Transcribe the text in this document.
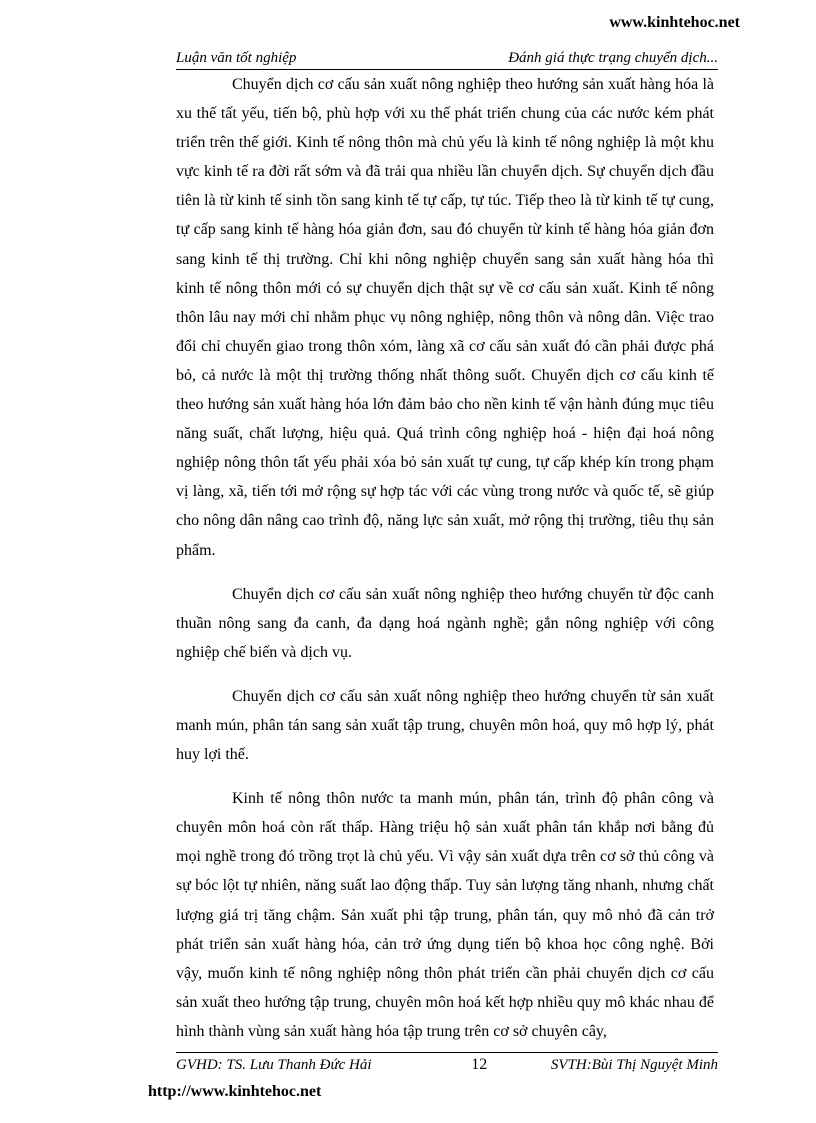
www.kinhtehoc.net
Luận văn tốt nghiệp	Đánh giá thực trạng chuyển dịch...

Chuyển dịch cơ cấu sản xuất nông nghiệp theo hướng sản xuất hàng hóa là xu thế tất yếu, tiến bộ, phù hợp với xu thế phát triển chung của các nước kém phát triển trên thế giới. Kinh tế nông thôn mà chủ yếu là kinh tế nông nghiệp là một khu vực kinh tế ra đời rất sớm và đã trải qua nhiều lần chuyển dịch. Sự chuyển dịch đầu tiên là từ kinh tế sinh tồn sang kinh tế tự cấp, tự túc. Tiếp theo là từ kinh tế tự cung, tự cấp sang kinh tế hàng hóa giản đơn, sau đó chuyển từ kinh tế hàng hóa giản đơn sang kinh tế thị trường. Chỉ khi nông nghiệp chuyển sang sản xuất hàng hóa thì kinh tế nông thôn mới có sự chuyển dịch thật sự về cơ cấu sản xuất. Kinh tế nông thôn lâu nay mới chỉ nhằm phục vụ nông nghiệp, nông thôn và nông dân. Việc trao đổi chỉ chuyển giao trong thôn xóm, làng xã cơ cấu sản xuất đó cần phải được phá bỏ, cả nước là một thị trường thống nhất thông suốt. Chuyển dịch cơ cấu kinh tế theo hướng sản xuất hàng hóa lớn đảm bảo cho nền kinh tế vận hành đúng mục tiêu năng suất, chất lượng, hiệu quả. Quá trình công nghiệp hoá - hiện đại hoá nông nghiệp nông thôn tất yếu phải xóa bỏ sản xuất tự cung, tự cấp khép kín trong phạm vị làng, xã, tiến tới mở rộng sự hợp tác với các vùng trong nước và quốc tế, sẽ giúp cho nông dân nâng cao trình độ, năng lực sản xuất, mở rộng thị trường, tiêu thụ sản phẩm.

Chuyển dịch cơ cấu sản xuất nông nghiệp theo hướng chuyển từ độc canh thuần nông sang đa canh, đa dạng hoá ngành nghề; gắn nông nghiệp với công nghiệp chế biến và dịch vụ.

Chuyển dịch cơ cấu sản xuất nông nghiệp theo hướng chuyển từ sản xuất manh mún, phân tán sang sản xuất tập trung, chuyên môn hoá, quy mô hợp lý, phát huy lợi thế.

Kinh tế nông thôn nước ta manh mún, phân tán, trình độ phân công và chuyên môn hoá còn rất thấp. Hàng triệu hộ sản xuất phân tán khắp nơi bằng đủ mọi nghề trong đó trồng trọt là chủ yếu. Vì vậy sản xuất dựa trên cơ sở thủ công và sự bóc lột tự nhiên, năng suất lao động thấp. Tuy sản lượng tăng nhanh, nhưng chất lượng giá trị tăng chậm. Sản xuất phi tập trung, phân tán, quy mô nhỏ đã cản trở phát triển sản xuất hàng hóa, cản trở ứng dụng tiến bộ khoa học công nghệ. Bởi vậy, muốn kinh tế nông nghiệp nông thôn phát triển cần phải chuyển dịch cơ cấu sản xuất theo hướng tập trung, chuyên môn hoá kết hợp nhiều quy mô khác nhau để hình thành vùng sản xuất hàng hóa tập trung trên cơ sở chuyên cây,

GVHD: TS. Lưu Thanh Đức Hải	12	SVTH:Bùi Thị Nguyệt Minh
http://www.kinhtehoc.net
